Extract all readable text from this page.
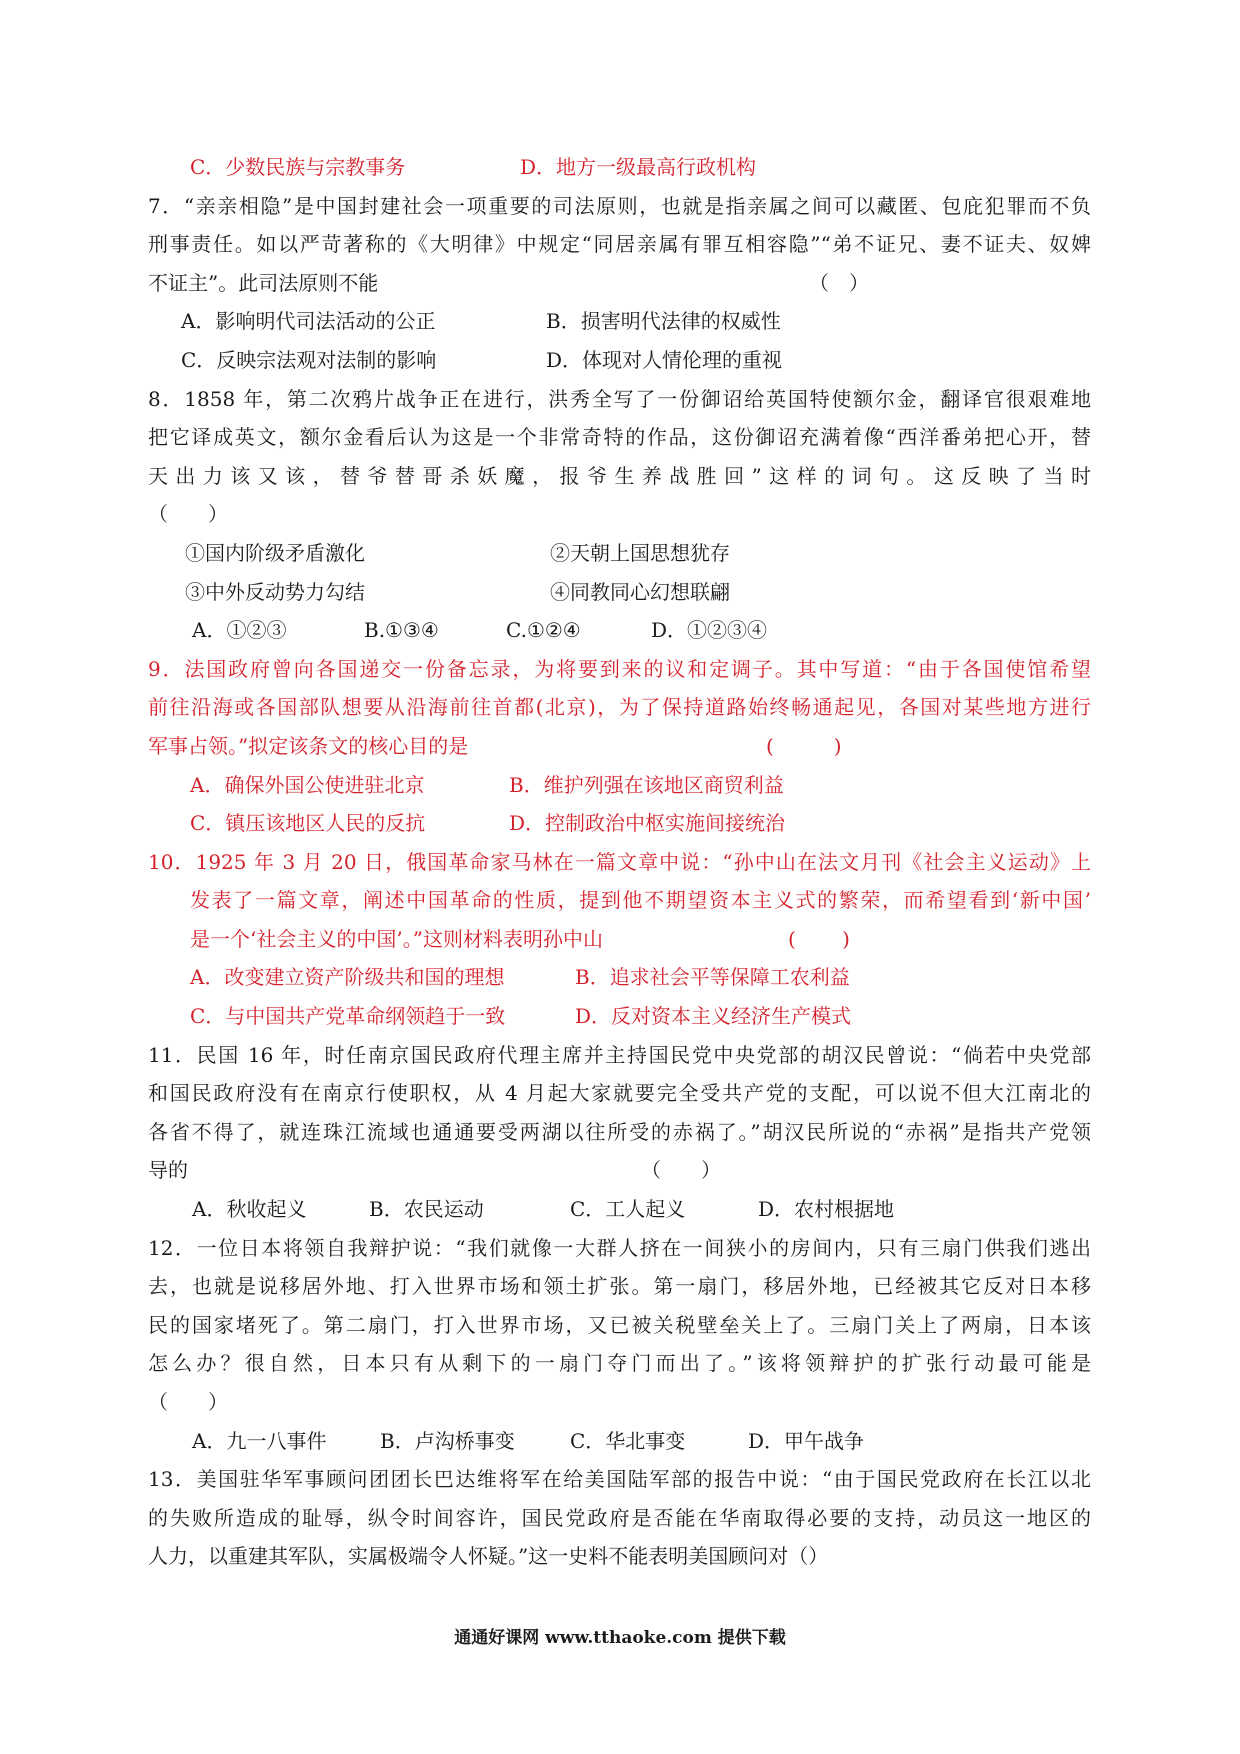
C．少数民族与宗教事务	D．地方一级最高行政机构
7．“亲亲相隐”是中国封建社会一项重要的司法原则，也就是指亲属之间可以藏匿、包庇犯罪而不负
刑事责任。如以严苛著称的《大明律》中规定“同居亲属有罪互相容隐”“弟不证兄、妻不证夫、奴婢
不证主”。此司法原则不能	（　）
A．影响明代司法活动的公正	B．损害明代法律的权威性
C．反映宗法观对法制的影响	D．体现对人情伦理的重视
8．1858 年，第二次鸦片战争正在进行，洪秀全写了一份御诏给英国特使额尔金，翻译官很艰难地
把它译成英文，额尔金看后认为这是一个非常奇特的作品，这份御诏充满着像“西洋番弟把心开，替
天出力该又该，替爷替哥杀妖魔，报爷生养战胜回”这样的词句。这反映了当时
（　　）
①国内阶级矛盾激化	②天朝上国思想犹存
③中外反动势力勾结	④同教同心幻想联翩
A．①②③	B.①③④	C.①②④	D．①②③④
9．法国政府曾向各国递交一份备忘录，为将要到来的议和定调子。其中写道：“由于各国使馆希望
前往沿海或各国部队想要从沿海前往首都(北京)，为了保持道路始终畅通起见，各国对某些地方进行
军事占领。”拟定该条文的核心目的是	(　　　)
A．确保外国公使进驻北京	B．维护列强在该地区商贸利益
C．镇压该地区人民的反抗	D．控制政治中枢实施间接统治
10．1925 年 3 月 20 日，俄国革命家马林在一篇文章中说：“孙中山在法文月刊《社会主义运动》上
发表了一篇文章，阐述中国革命的性质，提到他不期望资本主义式的繁荣，而希望看到‘新中国’
是一个‘社会主义的中国’。”这则材料表明孙中山	(　　 )
A．改变建立资产阶级共和国的理想	B．追求社会平等保障工农利益
C．与中国共产党革命纲领趋于一致	D．反对资本主义经济生产模式
11．民国 16 年，时任南京国民政府代理主席并主持国民党中央党部的胡汉民曾说：“倘若中央党部
和国民政府没有在南京行使职权，从 4 月起大家就要完全受共产党的支配，可以说不但大江南北的
各省不得了，就连珠江流域也通通要受两湖以往所受的赤祸了。”胡汉民所说的“赤祸”是指共产党领
导的	（　　）
A．秋收起义	B．农民运动	C．工人起义	D．农村根据地
12．一位日本将领自我辩护说：“我们就像一大群人挤在一间狭小的房间内，只有三扇门供我们逃出
去，也就是说移居外地、打入世界市场和领土扩张。第一扇门，移居外地，已经被其它反对日本移
民的国家堵死了。第二扇门，打入世界市场，又已被关税壁垒关上了。三扇门关上了两扇，日本该
怎么办？很自然，日本只有从剩下的一扇门夺门而出了。”该将领辩护的扩张行动最可能是
（　　）
A．九一八事件	B．卢沟桥事变	C．华北事变	D．甲午战争
13．美国驻华军事顾问团团长巴达维将军在给美国陆军部的报告中说：“由于国民党政府在长江以北
的失败所造成的耻辱，纵令时间容许，国民党政府是否能在华南取得必要的支持，动员这一地区的
人力，以重建其军队，实属极端令人怀疑。”这一史料不能表明美国顾问对（）
通通好课网 www.tthaoke.com 提供下载
